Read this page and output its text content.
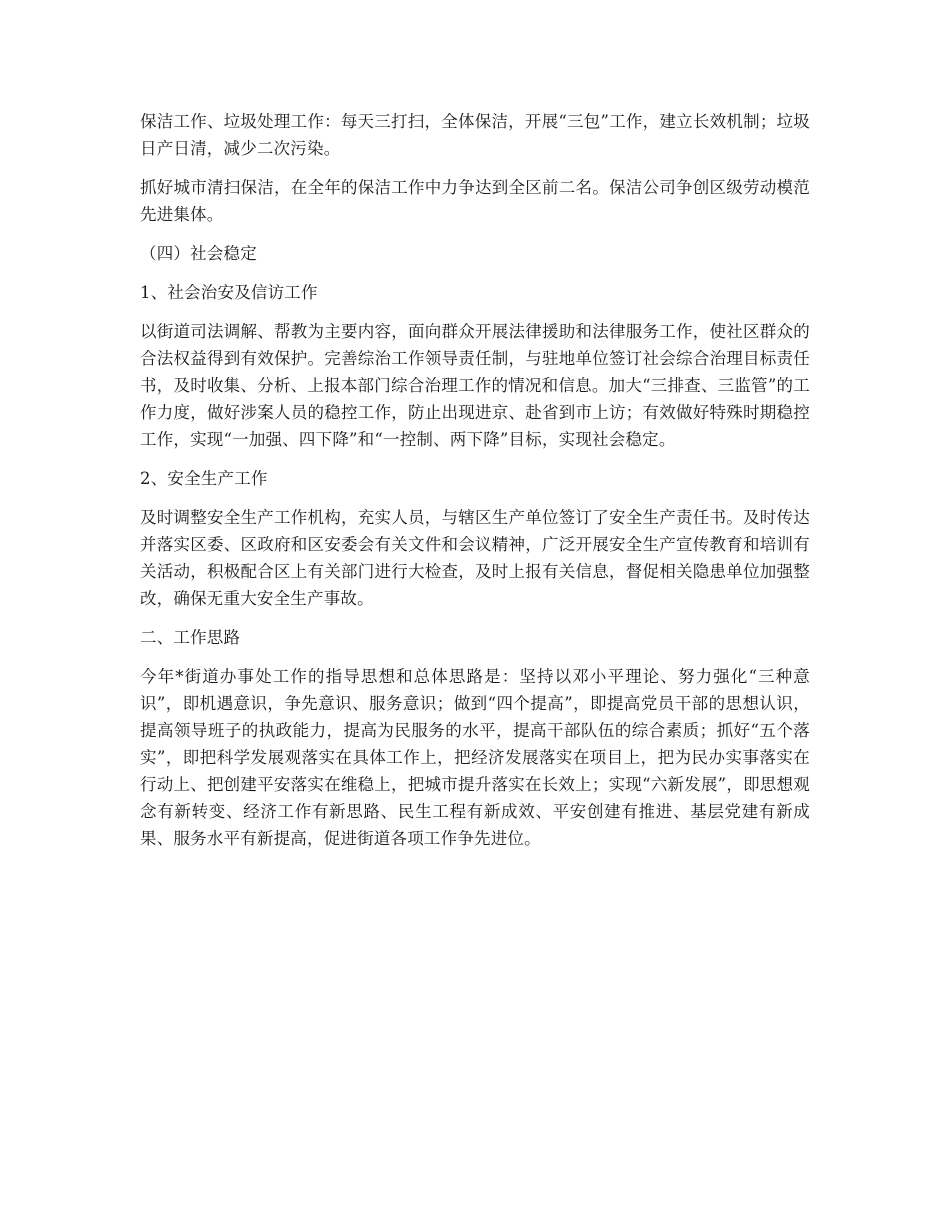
保洁工作、垃圾处理工作：每天三打扫，全体保洁，开展“三包”工作，建立长效机制；垃圾日产日清，减少二次污染。

抓好城市清扫保洁，在全年的保洁工作中力争达到全区前二名。保洁公司争创区级劳动模范先进集体。

（四）社会稳定

1、社会治安及信访工作

以街道司法调解、帮教为主要内容，面向群众开展法律援助和法律服务工作，使社区群众的合法权益得到有效保护。完善综治工作领导责任制，与驻地单位签订社会综合治理目标责任书，及时收集、分析、上报本部门综合治理工作的情况和信息。加大“三排查、三监管”的工作力度，做好涉案人员的稳控工作，防止出现进京、赴省到市上访；有效做好特殊时期稳控工作，实现“一加强、四下降”和“一控制、两下降”目标，实现社会稳定。

2、安全生产工作

及时调整安全生产工作机构，充实人员，与辖区生产单位签订了安全生产责任书。及时传达并落实区委、区政府和区安委会有关文件和会议精神，广泛开展安全生产宣传教育和培训有关活动，积极配合区上有关部门进行大检查，及时上报有关信息，督促相关隐患单位加强整改，确保无重大安全生产事故。

二、工作思路

今年*街道办事处工作的指导思想和总体思路是：坚持以邓小平理论、努力强化“三种意识”，即机遇意识，争先意识、服务意识；做到“四个提高”，即提高党员干部的思想认识，提高领导班子的执政能力，提高为民服务的水平，提高干部队伍的综合素质；抓好“五个落实”，即把科学发展观落实在具体工作上，把经济发展落实在项目上，把为民办实事落实在行动上、把创建平安落实在维稳上，把城市提升落实在长效上；实现“六新发展”，即思想观念有新转变、经济工作有新思路、民生工程有新成效、平安创建有推进、基层党建有新成果、服务水平有新提高，促进街道各项工作争先进位。
